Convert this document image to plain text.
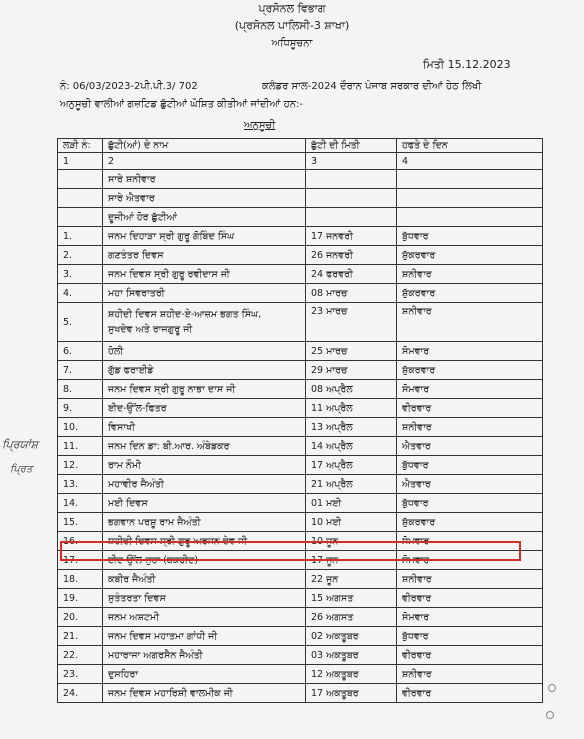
ਪ੍ਰਸੋਨਲ ਵਿਭਾਗ
(ਪ੍ਰਸੋਨਲ ਪਾਲਿਸੀ-3 ਸ਼ਾਖਾ)
ਅਧਿਸੂਚਨਾ
ਮਿਤੀ 15.12.2023
ਨੰ: 06/03/2023-2ਪੀ.ਪੀ.3/ 702	ਕਲੰਡਰ ਸਾਲ-2024 ਦੌਰਾਨ ਪੰਜਾਬ ਸਰਕਾਰ ਦੀਆਂ ਹੇਠ ਲਿਖੀ
ਅਨੁਸੂਚੀ ਵਾਲੀਆਂ ਗਜ਼ਟਿਡ ਛੁੱਟੀਆਂ ਘੋਸ਼ਿਤ ਕੀਤੀਆਂ ਜਾਂਦੀਆਂ ਹਨ:-
ਅਨੁਸੂਚੀ
ਲੜੀ ਨੰ:	ਛੁੱਟੀ(ਆਂ) ਦੇ ਨਾਮ	ਛੁੱਟੀ ਦੀ ਮਿਤੀ	ਹਫਤੇ ਦੇ ਦਿਨ
1	2	3	4
	ਸਾਰੇ ਸ਼ਨੀਵਾਰ		
	ਸਾਰੇ ਐਤਵਾਰ		
	ਦੂਜੀਆਂ ਹੋਰ ਛੁੱਟੀਆਂ		
1.	ਜਨਮ ਦਿਹਾੜਾ ਸ੍ਰੀ ਗੁਰੂ ਗੋਬਿੰਦ ਸਿੰਘ	17 ਜਨਵਰੀ	ਬੁੱਧਵਾਰ
2.	ਗਣਤੰਤਰ ਦਿਵਸ	26 ਜਨਵਰੀ	ਸ਼ੁੱਕਰਵਾਰ
3.	ਜਨਮ ਦਿਵਸ ਸ੍ਰੀ ਗੁਰੂ ਰਵੀਦਾਸ ਜੀ	24 ਫਰਵਰੀ	ਸ਼ਨੀਵਾਰ
4.	ਮਹਾ ਸਿਵਰਾਤਰੀ	08 ਮਾਰਚ	ਸ਼ੁੱਕਰਵਾਰ
5.	ਸ਼ਹੀਦੀ ਦਿਵਸ ਸ਼ਹੀਦ-ਏ-ਆਜ਼ਮ ਭਗਤ ਸਿੰਘ,
ਸੁਖਦੇਵ ਅਤੇ ਰਾਜਗੁਰੂ ਜੀ	23 ਮਾਰਚ	ਸ਼ਨੀਵਾਰ
6.	ਹੋਲੀ	25 ਮਾਰਚ	ਸੋਮਵਾਰ
7.	ਗੁੱਡ ਫਰਾਈਡੇ	29 ਮਾਰਚ	ਸ਼ੁੱਕਰਵਾਰ
8.	ਜਨਮ ਦਿਵਸ ਸ੍ਰੀ ਗੁਰੂ ਨਾਭਾ ਦਾਸ ਜੀ	08 ਅਪ੍ਰੈਲ	ਸੋਮਵਾਰ
9.	ਈਦ-ਉੱਲ-ਫਿਤਰ	11 ਅਪ੍ਰੈਲ	ਵੀਰਵਾਰ
10.	ਵਿਸਾਖੀ	13 ਅਪ੍ਰੈਲ	ਸ਼ਨੀਵਾਰ
11.	ਜਨਮ ਦਿਨ ਡਾ: ਬੀ.ਆਰ. ਅੰਬੇਡਕਰ	14 ਅਪ੍ਰੈਲ	ਐਤਵਾਰ
12.	ਰਾਮ ਨੌਮੀ	17 ਅਪ੍ਰੈਲ	ਬੁੱਧਵਾਰ
13.	ਮਹਾਵੀਰ ਜੈਅੰਤੀ	21 ਅਪ੍ਰੈਲ	ਐਤਵਾਰ
14.	ਮਈ ਦਿਵਸ	01 ਮਈ	ਬੁੱਧਵਾਰ
15.	ਭਗਵਾਨ ਪਰਸ਼ੂ ਰਾਮ ਜੈਅੰਤੀ	10 ਮਈ	ਸ਼ੁੱਕਰਵਾਰ
16.	ਸ਼ਹੀਦੀ ਦਿਵਸ ਸ੍ਰੀ ਗੁਰੂ ਅਰਜਨ ਦੇਵ ਜੀ	10 ਜੂਨ	ਸੋਮਵਾਰ
17.	ਈਦ-ਉੱਲ-ਜੁਹਾ (ਬਕਰੀਦ)	17 ਜੂਨ	ਸੋਮਵਾਰ
18.	ਕਬੀਰ ਜੈਅੰਤੀ	22 ਜੂਨ	ਸ਼ਨੀਵਾਰ
19.	ਸੁਤੰਤਰਤਾ ਦਿਵਸ	15 ਅਗਸਤ	ਵੀਰਵਾਰ
20.	ਜਨਮ ਅਸ਼ਟਮੀ	26 ਅਗਸਤ	ਸੋਮਵਾਰ
21.	ਜਨਮ ਦਿਵਸ ਮਹਾਤਮਾ ਗਾਂਧੀ ਜੀ	02 ਅਕਤੂਬਰ	ਬੁੱਧਵਾਰ
22.	ਮਹਾਰਾਜਾ ਅਗਰਸੈਨ ਜੈਅੰਤੀ	03 ਅਕਤੂਬਰ	ਵੀਰਵਾਰ
23.	ਦੁਸਹਿਰਾ	12 ਅਕਤੂਬਰ	ਸ਼ਨੀਵਾਰ
24.	ਜਨਮ ਦਿਵਸ ਮਹਾਰਿਸ਼ੀ ਵਾਲਮੀਕ ਜੀ	17 ਅਕਤੂਬਰ	ਵੀਰਵਾਰ
ਪ੍ਰਿਯਾਂਸ਼
ਪ੍ਰਿਤ
